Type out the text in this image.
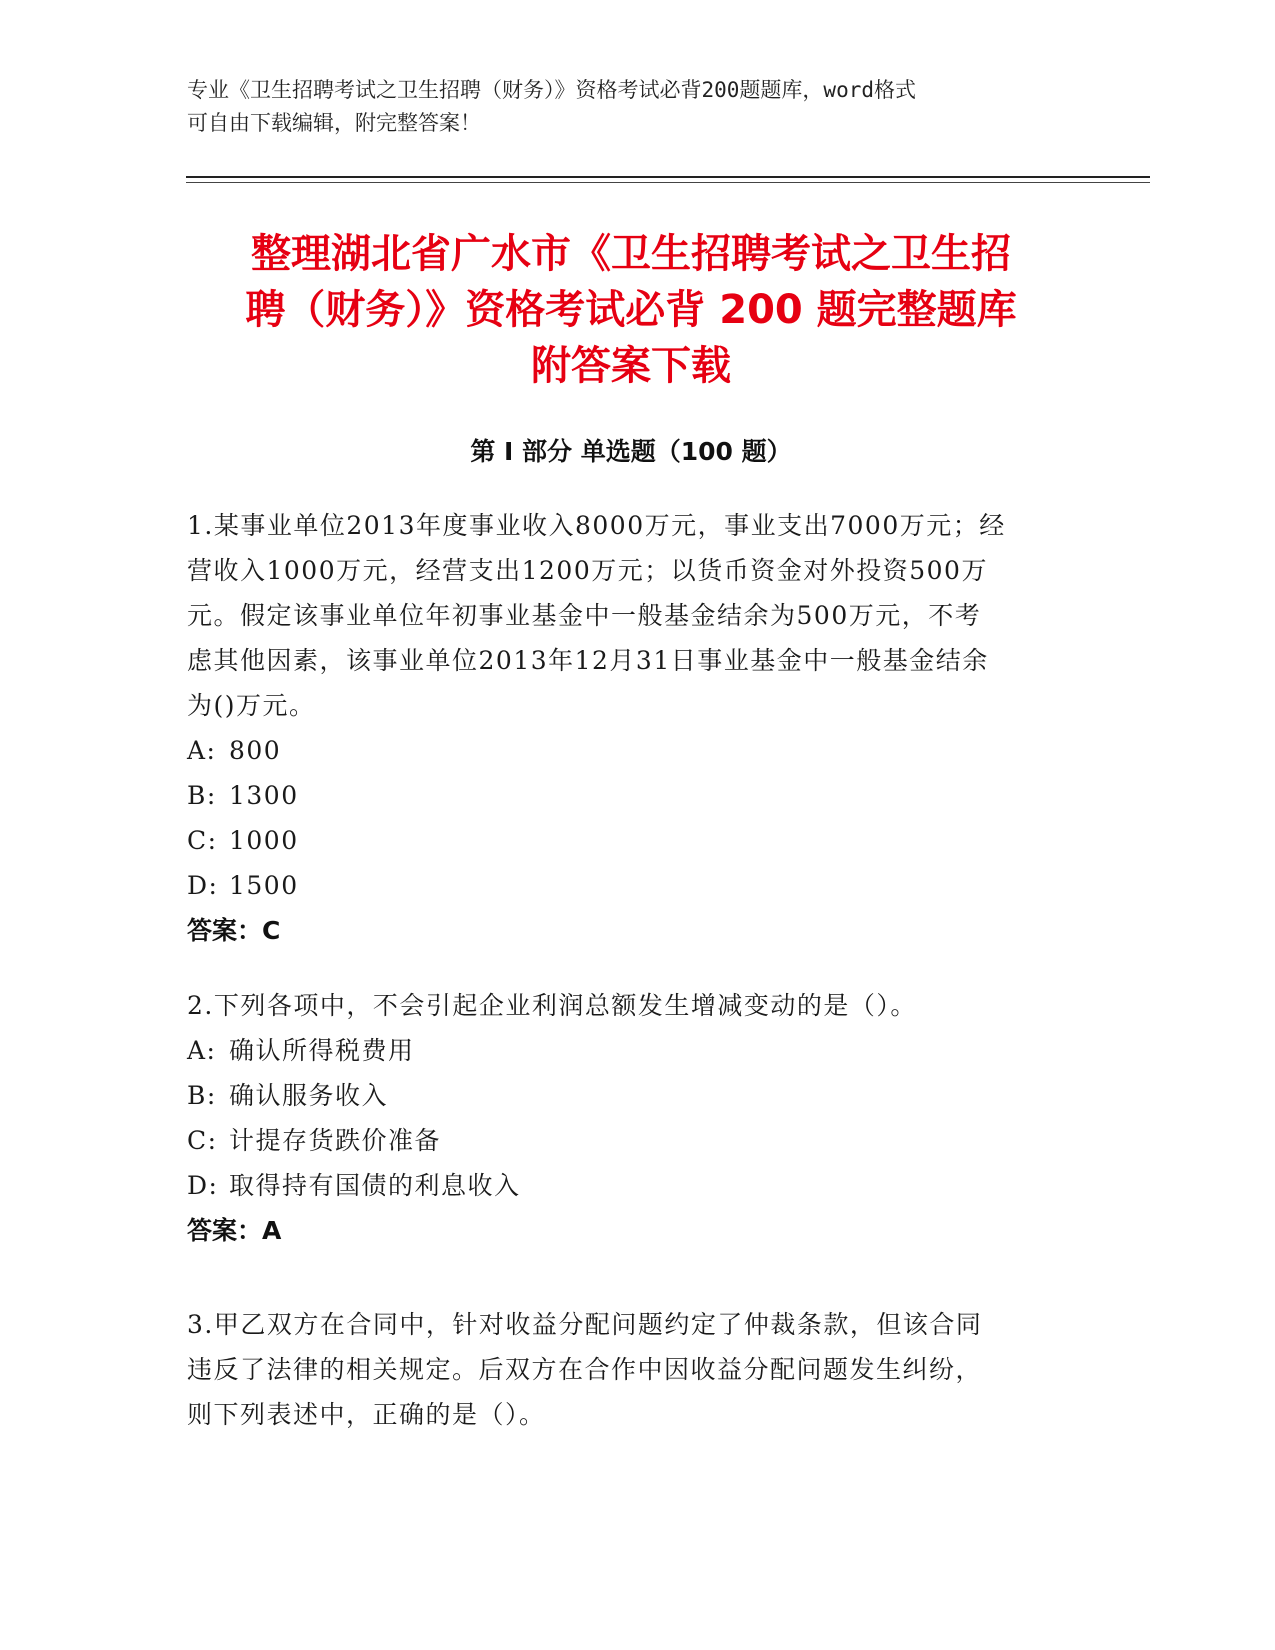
专业《卫生招聘考试之卫生招聘（财务）》资格考试必背200题题库，word格式
可自由下载编辑，附完整答案！
整理湖北省广水市《卫生招聘考试之卫生招
聘（财务）》资格考试必背 200 题完整题库
附答案下载
第 I 部分 单选题（100 题）
1.某事业单位2013年度事业收入8000万元，事业支出7000万元；经
营收入1000万元，经营支出1200万元；以货币资金对外投资500万
元。假定该事业单位年初事业基金中一般基金结余为500万元，不考
虑其他因素，该事业单位2013年12月31日事业基金中一般基金结余
为()万元。
A: 800
B: 1300
C: 1000
D: 1500
答案：C
2.下列各项中，不会引起企业利润总额发生增减变动的是（）。
A: 确认所得税费用
B: 确认服务收入
C: 计提存货跌价准备
D: 取得持有国债的利息收入
答案：A
3.甲乙双方在合同中，针对收益分配问题约定了仲裁条款，但该合同
违反了法律的相关规定。后双方在合作中因收益分配问题发生纠纷，
则下列表述中，正确的是（）。
